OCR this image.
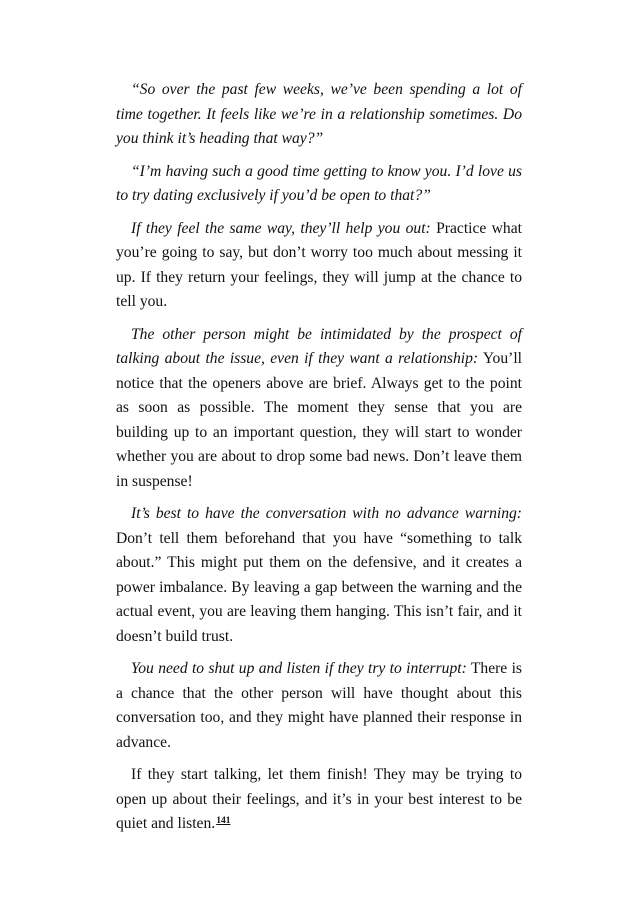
“So over the past few weeks, we’ve been spending a lot of time together. It feels like we’re in a relationship sometimes. Do you think it’s heading that way?”

“I’m having such a good time getting to know you. I’d love us to try dating exclusively if you’d be open to that?”

If they feel the same way, they’ll help you out: Practice what you’re going to say, but don’t worry too much about messing it up. If they return your feelings, they will jump at the chance to tell you.

The other person might be intimidated by the prospect of talking about the issue, even if they want a relationship: You’ll notice that the openers above are brief. Always get to the point as soon as possible. The moment they sense that you are building up to an important question, they will start to wonder whether you are about to drop some bad news. Don’t leave them in suspense!

It’s best to have the conversation with no advance warning: Don’t tell them beforehand that you have “something to talk about.” This might put them on the defensive, and it creates a power imbalance. By leaving a gap between the warning and the actual event, you are leaving them hanging. This isn’t fair, and it doesn’t build trust.

You need to shut up and listen if they try to interrupt: There is a chance that the other person will have thought about this conversation too, and they might have planned their response in advance.

If they start talking, let them finish! They may be trying to open up about their feelings, and it’s in your best interest to be quiet and listen.$^{141}$
